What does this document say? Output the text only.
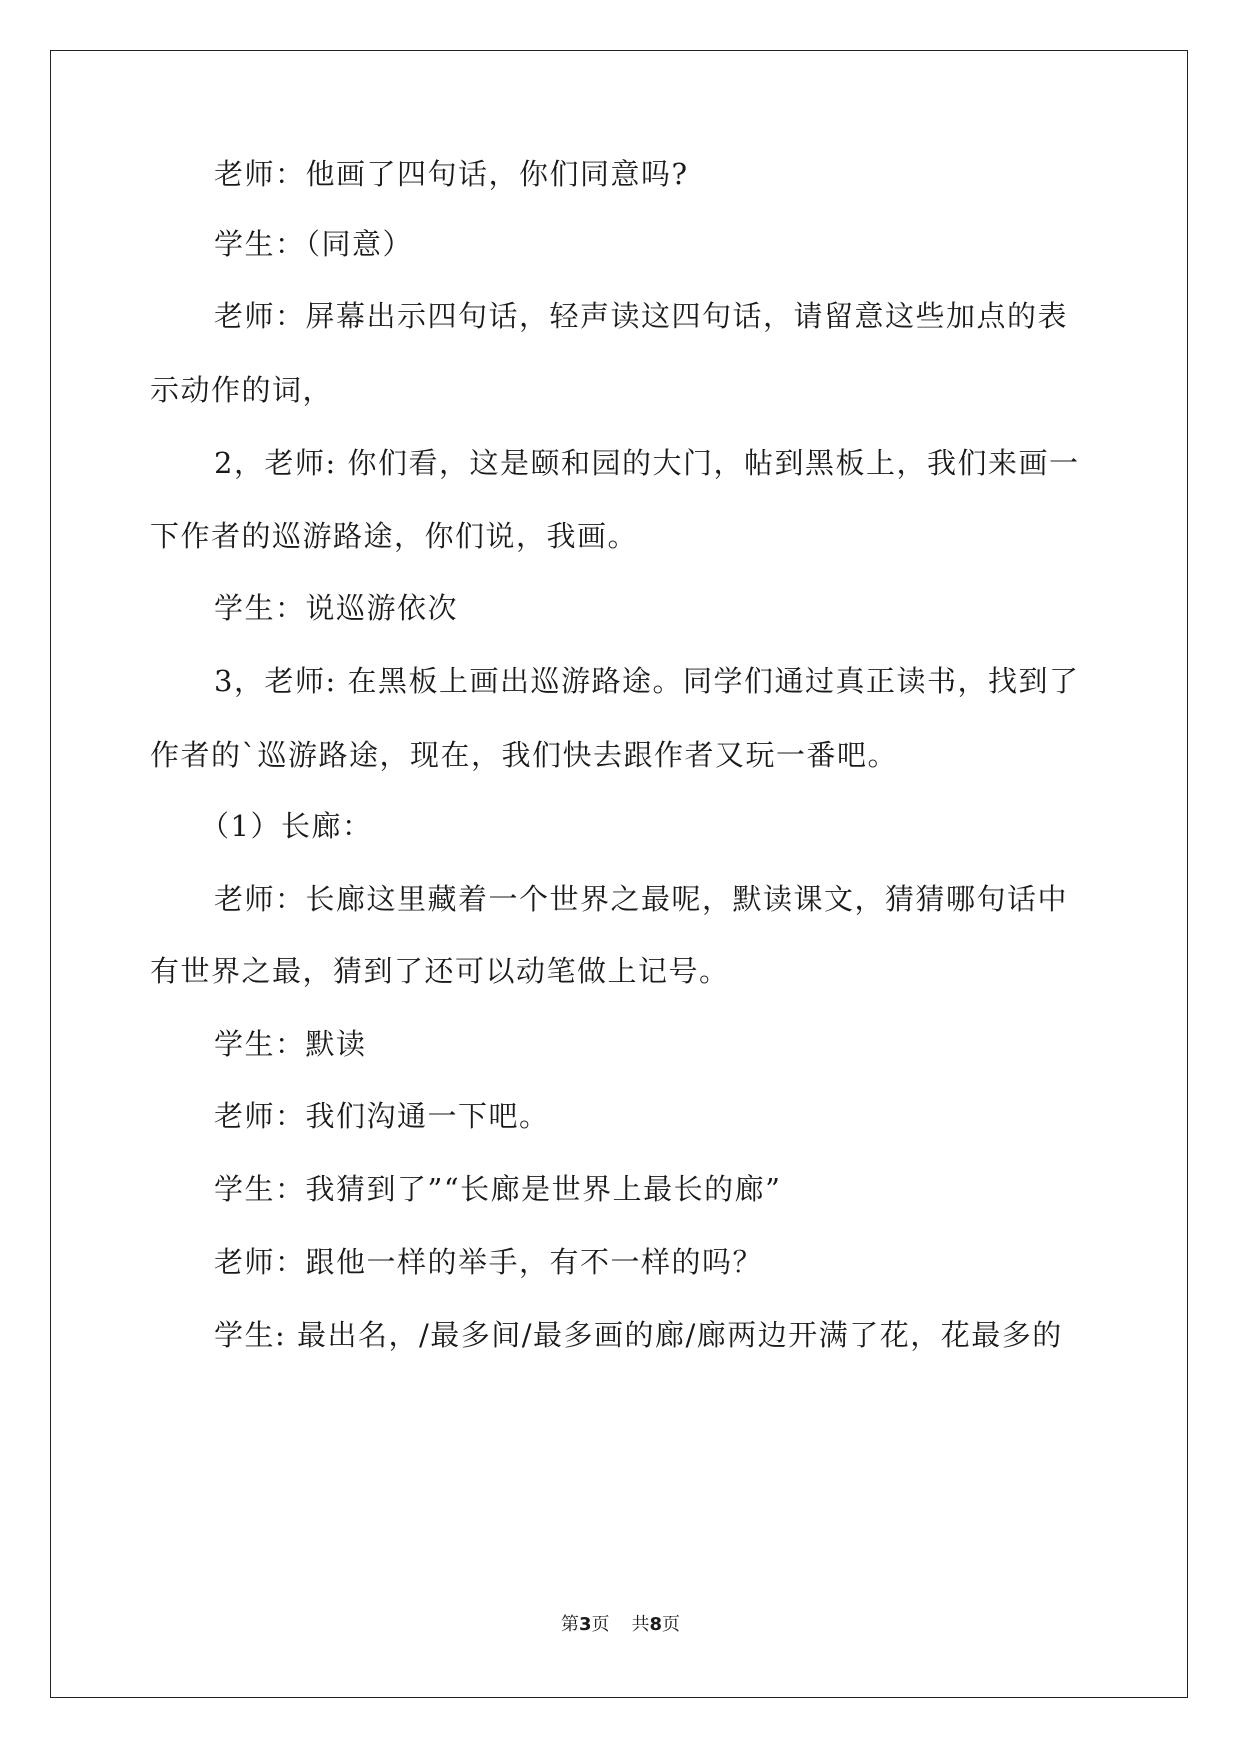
老师：他画了四句话，你们同意吗?
学生：（同意）
老师：屏幕出示四句话，轻声读这四句话，请留意这些加点的表
示动作的词，
2，老师: 你们看，这是颐和园的大门，帖到黑板上，我们来画一
下作者的巡游路途，你们说，我画。
学生：说巡游依次
3，老师: 在黑板上画出巡游路途。同学们通过真正读书，找到了
作者的`巡游路途，现在，我们快去跟作者又玩一番吧。
（1）长廊：
老师：长廊这里藏着一个世界之最呢，默读课文，猜猜哪句话中
有世界之最，猜到了还可以动笔做上记号。
学生：默读
老师：我们沟通一下吧。
学生：我猜到了”“长廊是世界上最长的廊”
老师：跟他一样的举手，有不一样的吗？
学生: 最出名，/最多间/最多画的廊/廊两边开满了花，花最多的
第3页 共8页
